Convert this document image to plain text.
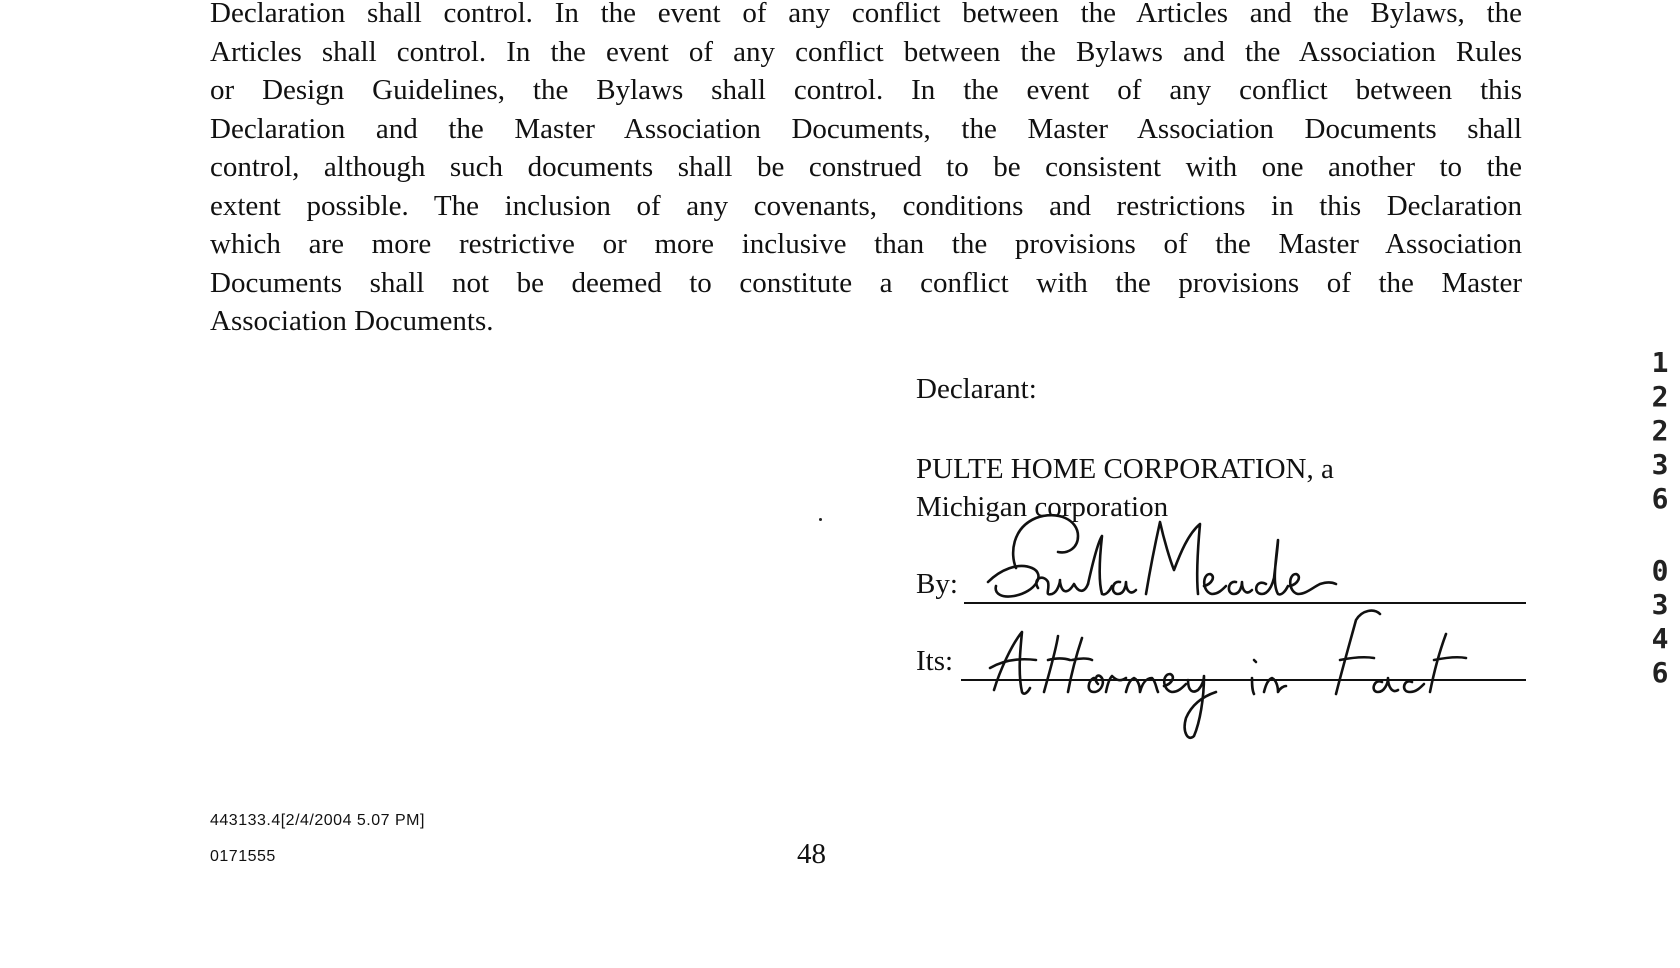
Declaration shall control. In the event of any conflict between the Articles and the Bylaws, the
Articles shall control. In the event of any conflict between the Bylaws and the Association Rules
or Design Guidelines, the Bylaws shall control. In the event of any conflict between this
Declaration and the Master Association Documents, the Master Association Documents shall
control, although such documents shall be construed to be consistent with one another to the
extent possible. The inclusion of any covenants, conditions and restrictions in this Declaration
which are more restrictive or more inclusive than the provisions of the Master Association
Documents shall not be deemed to constitute a conflict with the provisions of the Master
Association Documents.
Declarant:
PULTE HOME CORPORATION, a
Michigan corporation
By:
Its:
443133.4[2/4/2004 5.07 PM]
0171555	48
1
2
2
3
6
0
3
4
6
